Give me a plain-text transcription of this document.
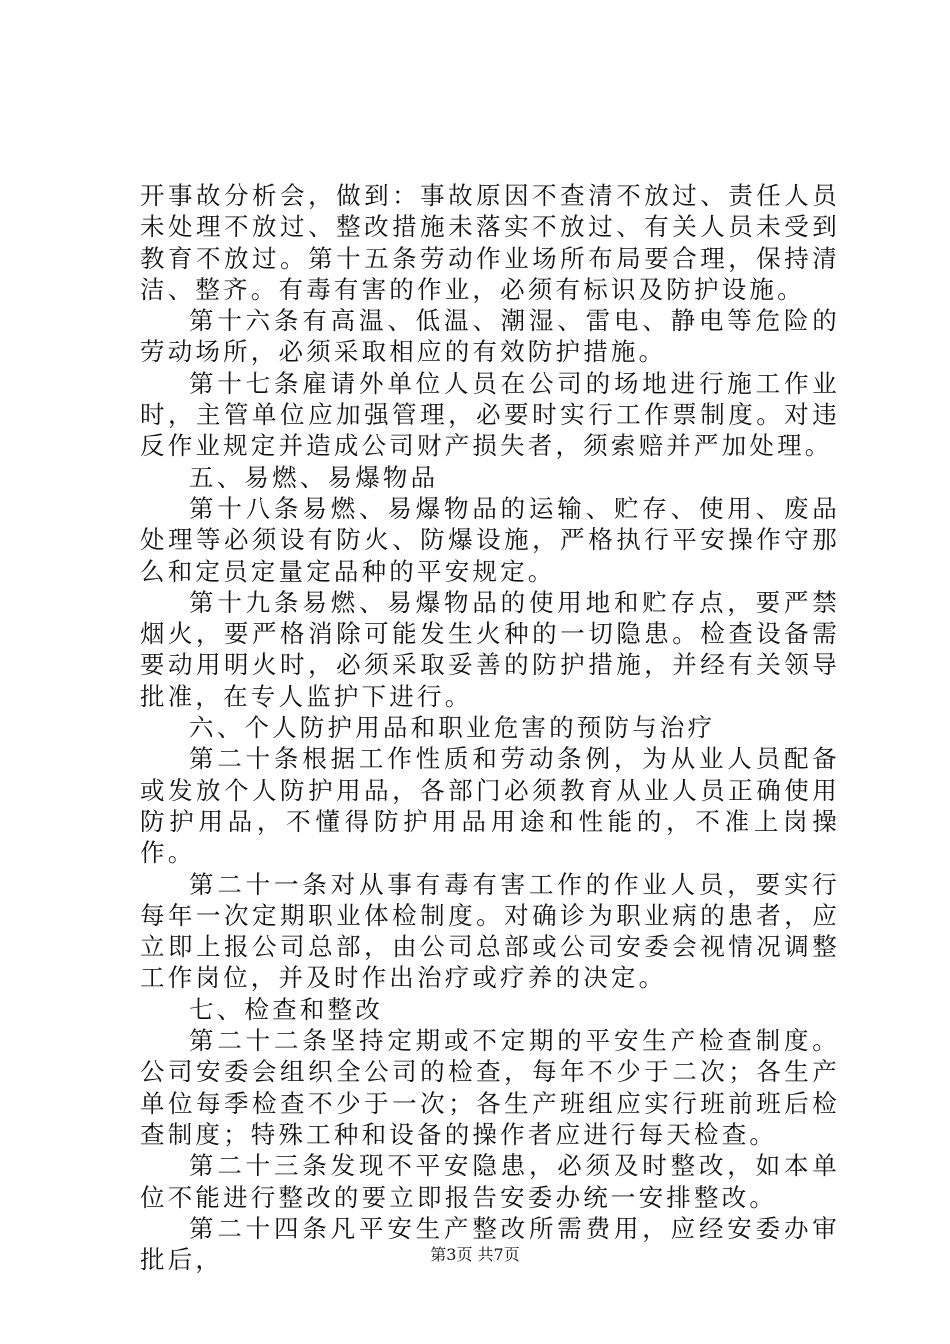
开事故分析会，做到：事故原因不查清不放过、责任人员未处理不放过、整改措施未落实不放过、有关人员未受到教育不放过。第十五条劳动作业场所布局要合理，保持清洁、整齐。有毒有害的作业，必须有标识及防护设施。

第十六条有高温、低温、潮湿、雷电、静电等危险的劳动场所，必须采取相应的有效防护措施。

第十七条雇请外单位人员在公司的场地进行施工作业时，主管单位应加强管理，必要时实行工作票制度。对违反作业规定并造成公司财产损失者，须索赔并严加处理。

五、易燃、易爆物品

第十八条易燃、易爆物品的运输、贮存、使用、废品处理等必须设有防火、防爆设施，严格执行平安操作守那么和定员定量定品种的平安规定。

第十九条易燃、易爆物品的使用地和贮存点，要严禁烟火，要严格消除可能发生火种的一切隐患。检查设备需要动用明火时，必须采取妥善的防护措施，并经有关领导批准，在专人监护下进行。

六、个人防护用品和职业危害的预防与治疗

第二十条根据工作性质和劳动条例，为从业人员配备或发放个人防护用品，各部门必须教育从业人员正确使用防护用品，不懂得防护用品用途和性能的，不准上岗操作。

第二十一条对从事有毒有害工作的作业人员，要实行每年一次定期职业体检制度。对确诊为职业病的患者，应立即上报公司总部，由公司总部或公司安委会视情况调整工作岗位，并及时作出治疗或疗养的决定。

七、检查和整改

第二十二条坚持定期或不定期的平安生产检查制度。公司安委会组织全公司的检查，每年不少于二次；各生产单位每季检查不少于一次；各生产班组应实行班前班后检查制度；特殊工种和设备的操作者应进行每天检查。

第二十三条发现不平安隐患，必须及时整改，如本单位不能进行整改的要立即报告安委办统一安排整改。

第二十四条凡平安生产整改所需费用，应经安委办审批后，	第3页 共7页
